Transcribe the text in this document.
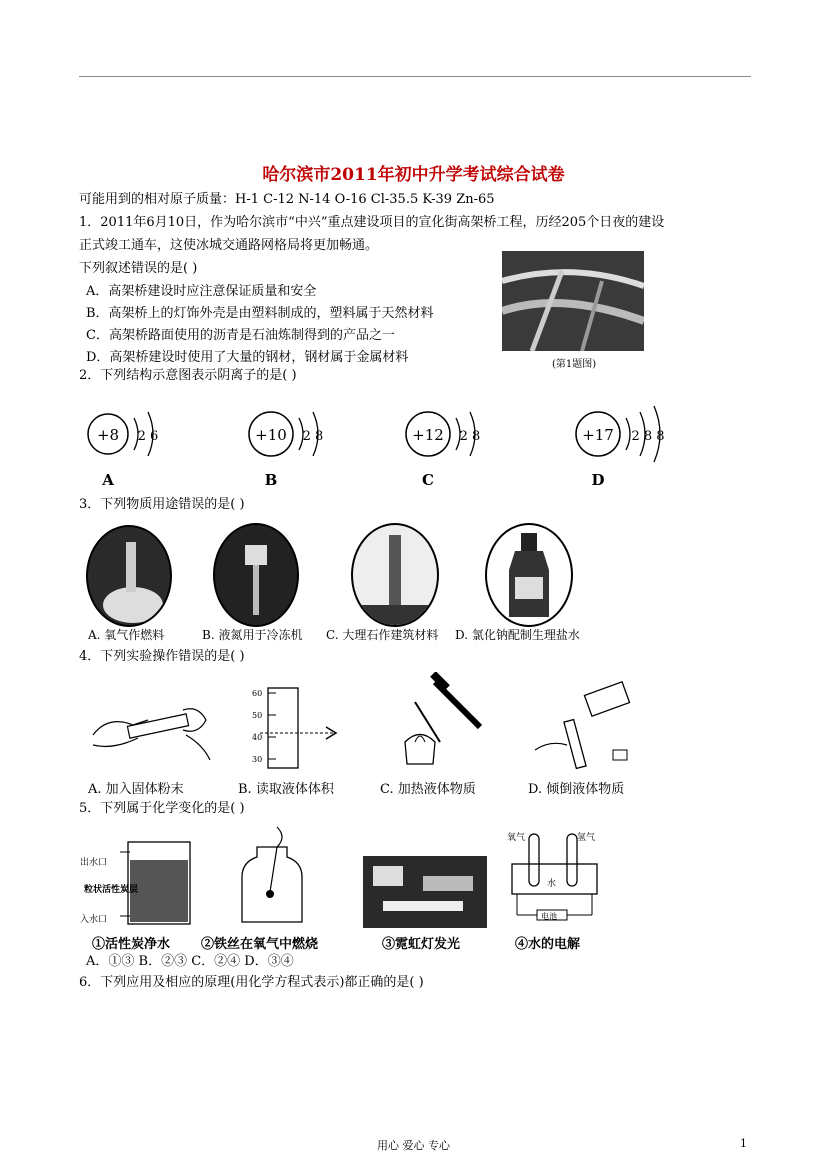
哈尔滨市2011年初中升学考试综合试卷
可能用到的相对原子质量：H-1 C-12 N-14 O-16 Cl-35.5 K-39 Zn-65
1．2011年6月10日，作为哈尔滨市“中兴”重点建设项目的宣化街高架桥工程，历经205个日夜的建设
正式竣工通车，这使冰城交通路网格局将更加畅通。
下列叙述错误的是( )
A．高架桥建设时应注意保证质量和安全
B．高架桥上的灯饰外壳是由塑料制成的，塑料属于天然材料
C．高架桥路面使用的沥青是石油炼制得到的产品之一
D．高架桥建设时使用了大量的钢材，钢材属于金属材料	(第1题图)
2．下列结构示意图表示阴离子的是( )
+8 2 6
A
+10 2 8
B
+12 2 8
C
+17 2 8 8
D
3．下列物质用途错误的是( )
A. 氧气作燃料	B. 液氮用于冷冻机 C. 大理石作建筑材料 D. 氯化钠配制生理盐水
4．下列实验操作错误的是( )
60
50
40
30
A. 加入固体粉末	B. 读取液体体积	C. 加热液体物质	D. 倾倒液体物质
5．下列属于化学变化的是( )
出水口
粒状活性炭层
入水口
氧气	氢气
水
电池
①活性炭净水 ②铁丝在氧气中燃烧	③霓虹灯发光	④水的电解
A．①③ B．②③ C．②④ D．③④
6．下列应用及相应的原理(用化学方程式表示)都正确的是( )
用心 爱心 专心	1
